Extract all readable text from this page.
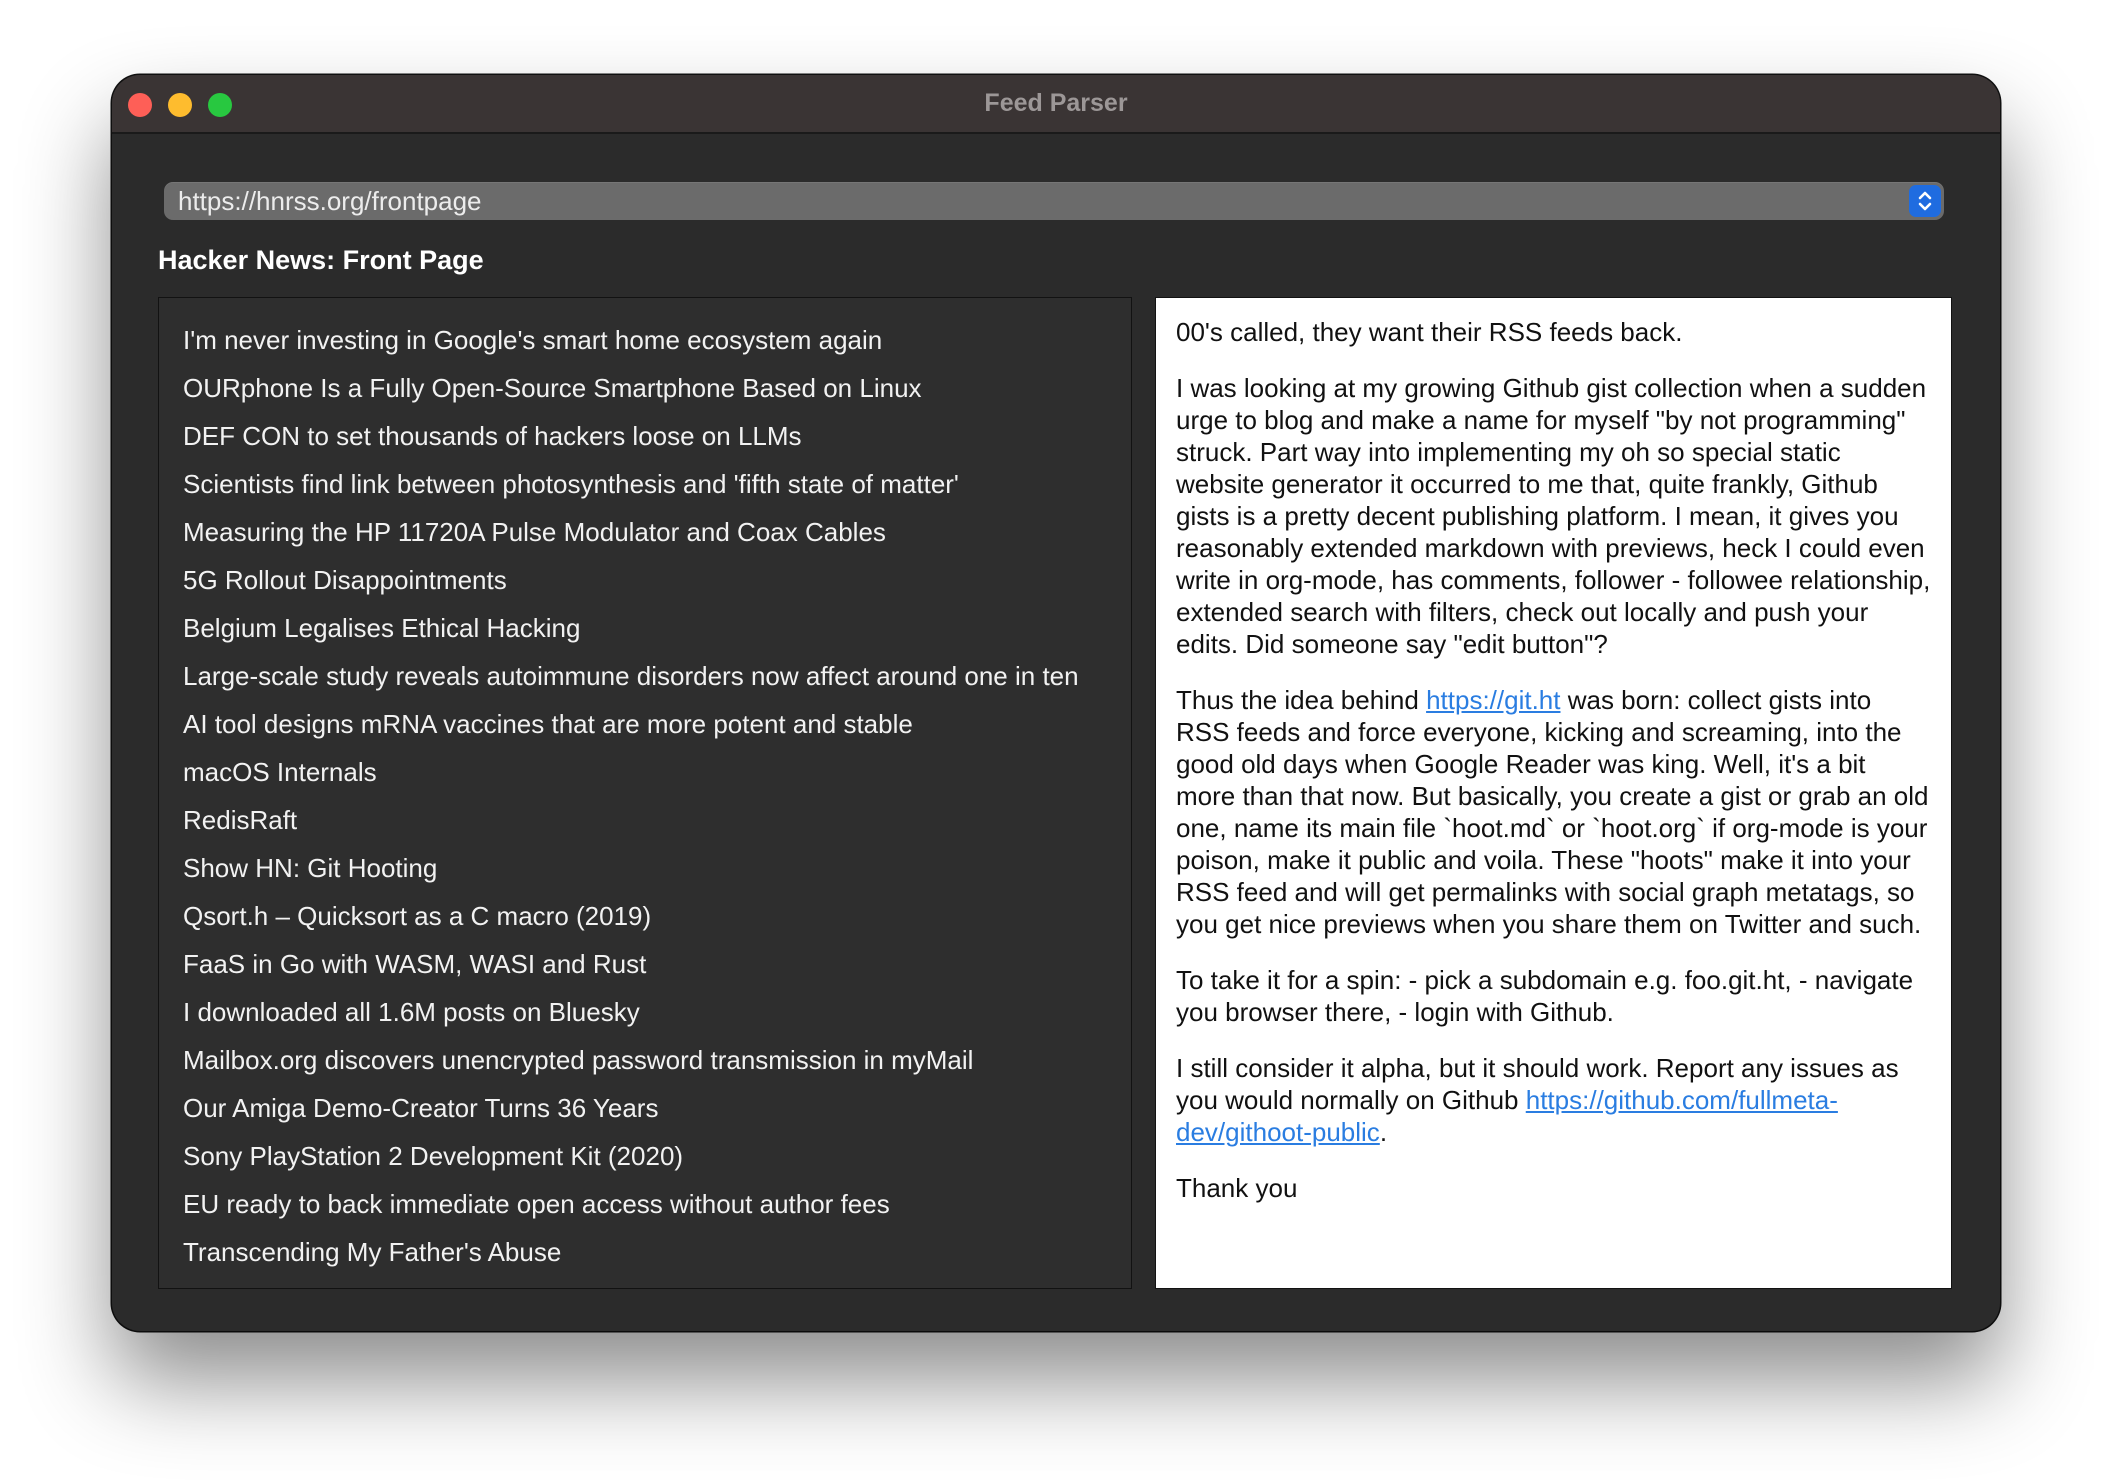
Feed Parser
https://hnrss.org/frontpage
Hacker News: Front Page
I'm never investing in Google's smart home ecosystem again
OURphone Is a Fully Open-Source Smartphone Based on Linux
DEF CON to set thousands of hackers loose on LLMs
Scientists find link between photosynthesis and 'fifth state of matter'
Measuring the HP 11720A Pulse Modulator and Coax Cables
5G Rollout Disappointments
Belgium Legalises Ethical Hacking
Large-scale study reveals autoimmune disorders now affect around one in ten
AI tool designs mRNA vaccines that are more potent and stable
macOS Internals
RedisRaft
Show HN: Git Hooting
Qsort.h – Quicksort as a C macro (2019)
FaaS in Go with WASM, WASI and Rust
I downloaded all 1.6M posts on Bluesky
Mailbox.org discovers unencrypted password transmission in myMail
Our Amiga Demo-Creator Turns 36 Years
Sony PlayStation 2 Development Kit (2020)
EU ready to back immediate open access without author fees
Transcending My Father's Abuse

00's called, they want their RSS feeds back.

I was looking at my growing Github gist collection when a sudden urge to blog and make a name for myself "by not programming" struck. Part way into implementing my oh so special static website generator it occurred to me that, quite frankly, Github gists is a pretty decent publishing platform. I mean, it gives you reasonably extended markdown with previews, heck I could even write in org-mode, has comments, follower - followee relationship, extended search with filters, check out locally and push your edits. Did someone say "edit button"?

Thus the idea behind https://git.ht was born: collect gists into RSS feeds and force everyone, kicking and screaming, into the good old days when Google Reader was king. Well, it's a bit more than that now. But basically, you create a gist or grab an old one, name its main file `hoot.md` or `hoot.org` if org-mode is your poison, make it public and voila. These "hoots" make it into your RSS feed and will get permalinks with social graph metatags, so you get nice previews when you share them on Twitter and such.

To take it for a spin: - pick a subdomain e.g. foo.git.ht, - navigate you browser there, - login with Github.

I still consider it alpha, but it should work. Report any issues as you would normally on Github https://github.com/fullmeta-dev/githoot-public.

Thank you
